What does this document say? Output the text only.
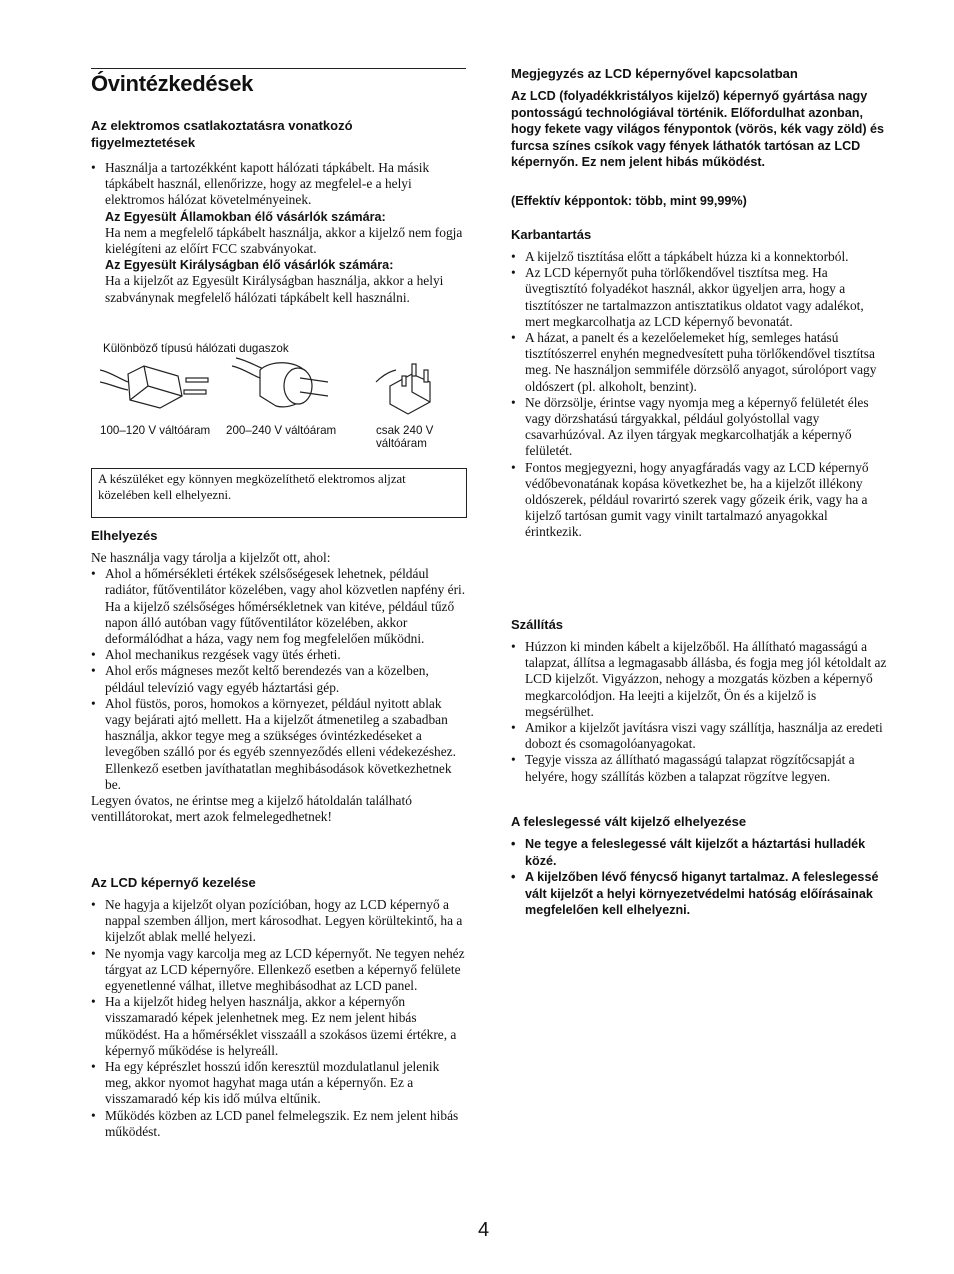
Óvintézkedések
Az elektromos csatlakoztatásra vonatkozó figyelmeztetések
• Használja a tartozékként kapott hálózati tápkábelt. Ha másik tápkábelt használ, ellenőrizze, hogy az megfelel-e a helyi elektromos hálózat követelményeinek.
Az Egyesült Államokban élő vásárlók számára:
Ha nem a megfelelő tápkábelt használja, akkor a kijelző nem fogja kielégíteni az előírt FCC szabványokat.
Az Egyesült Királyságban élő vásárlók számára:
Ha a kijelzőt az Egyesült Királyságban használja, akkor a helyi szabványnak megfelelő hálózati tápkábelt kell használni.
Különböző típusú hálózati dugaszok
100–120 V váltóáram 200–240 V váltóáram	csak 240 V váltóáram
A készüléket egy könnyen megközelíthető elektromos aljzat közelében kell elhelyezni.
Elhelyezés
Ne használja vagy tárolja a kijelzőt ott, ahol:
• Ahol a hőmérsékleti értékek szélsőségesek lehetnek, például radiátor, fűtőventilátor közelében, vagy ahol közvetlen napfény éri. Ha a kijelző szélsőséges hőmérsékletnek van kitéve, például tűző napon álló autóban vagy fűtőventilátor közelében, akkor deformálódhat a háza, vagy nem fog megfelelően működni.
• Ahol mechanikus rezgések vagy ütés érheti.
• Ahol erős mágneses mezőt keltő berendezés van a közelben, például televízió vagy egyéb háztartási gép.
• Ahol füstös, poros, homokos a környezet, például nyitott ablak vagy bejárati ajtó mellett. Ha a kijelzőt átmenetileg a szabadban használja, akkor tegye meg a szükséges óvintézkedéseket a levegőben szálló por és egyéb szennyeződés elleni védekezéshez. Ellenkező esetben javíthatatlan meghibásodások következhetnek be.
Legyen óvatos, ne érintse meg a kijelző hátoldalán található ventillátorokat, mert azok felmelegedhetnek!
Az LCD képernyő kezelése
• Ne hagyja a kijelzőt olyan pozícióban, hogy az LCD képernyő a nappal szemben álljon, mert károsodhat. Legyen körültekintő, ha a kijelzőt ablak mellé helyezi.
• Ne nyomja vagy karcolja meg az LCD képernyőt. Ne tegyen nehéz tárgyat az LCD képernyőre. Ellenkező esetben a képernyő felülete egyenetlenné válhat, illetve meghibásodhat az LCD panel.
• Ha a kijelzőt hideg helyen használja, akkor a képernyőn visszamaradó képek jelenhetnek meg. Ez nem jelent hibás működést. Ha a hőmérséklet visszaáll a szokásos üzemi értékre, a képernyő működése is helyreáll.
• Ha egy képrészlet hosszú időn keresztül mozdulatlanul jelenik meg, akkor nyomot hagyhat maga után a képernyőn. Ez a visszamaradó kép kis idő múlva eltűnik.
• Működés közben az LCD panel felmelegszik. Ez nem jelent hibás működést.
Megjegyzés az LCD képernyővel kapcsolatban
Az LCD (folyadékkristályos kijelző) képernyő gyártása nagy pontosságú technológiával történik. Előfordulhat azonban, hogy fekete vagy világos fénypontok (vörös, kék vagy zöld) és furcsa színes csíkok vagy fények láthatók tartósan az LCD képernyőn. Ez nem jelent hibás működést.
(Effektív képpontok: több, mint 99,99%)
Karbantartás
• A kijelző tisztítása előtt a tápkábelt húzza ki a konnektorból.
• Az LCD képernyőt puha törlőkendővel tisztítsa meg. Ha üvegtisztító folyadékot használ, akkor ügyeljen arra, hogy a tisztítószer ne tartalmazzon antisztatikus oldatot vagy adalékot, mert megkarcolhatja az LCD képernyő bevonatát.
• A házat, a panelt és a kezelőelemeket híg, semleges hatású tisztítószerrel enyhén megnedvesített puha törlőkendővel tisztítsa meg. Ne használjon semmiféle dörzsölő anyagot, súrolóport vagy oldószert (pl. alkoholt, benzint).
• Ne dörzsölje, érintse vagy nyomja meg a képernyő felületét éles vagy dörzshatású tárgyakkal, például golyóstollal vagy csavarhúzóval. Az ilyen tárgyak megkarcolhatják a képernyő felületét.
• Fontos megjegyezni, hogy anyagfáradás vagy az LCD képernyő védőbevonatának kopása következhet be, ha a kijelzőt illékony oldószerek, például rovarirtó szerek vagy gőzeik érik, vagy ha a kijelző tartósan gumit vagy vinilt tartalmazó anyagokkal érintkezik.
Szállítás
• Húzzon ki minden kábelt a kijelzőből. Ha állítható magasságú a talapzat, állítsa a legmagasabb állásba, és fogja meg jól kétoldalt az LCD kijelzőt. Vigyázzon, nehogy a mozgatás közben a képernyő megkarcolódjon. Ha leejti a kijelzőt, Ön és a kijelző is megsérülhet.
• Amikor a kijelzőt javításra viszi vagy szállítja, használja az eredeti dobozt és csomagolóanyagokat.
• Tegyje vissza az állítható magasságú talapzat rögzítőcsapját a helyére, hogy szállítás közben a talapzat rögzítve legyen.
A feleslegessé vált kijelző elhelyezése
• Ne tegye a feleslegessé vált kijelzőt a háztartási hulladék közé.
• A kijelzőben lévő fénycső higanyt tartalmaz. A feleslegessé vált kijelzőt a helyi környezetvédelmi hatóság előírásainak megfelelően kell elhelyezni.
4
